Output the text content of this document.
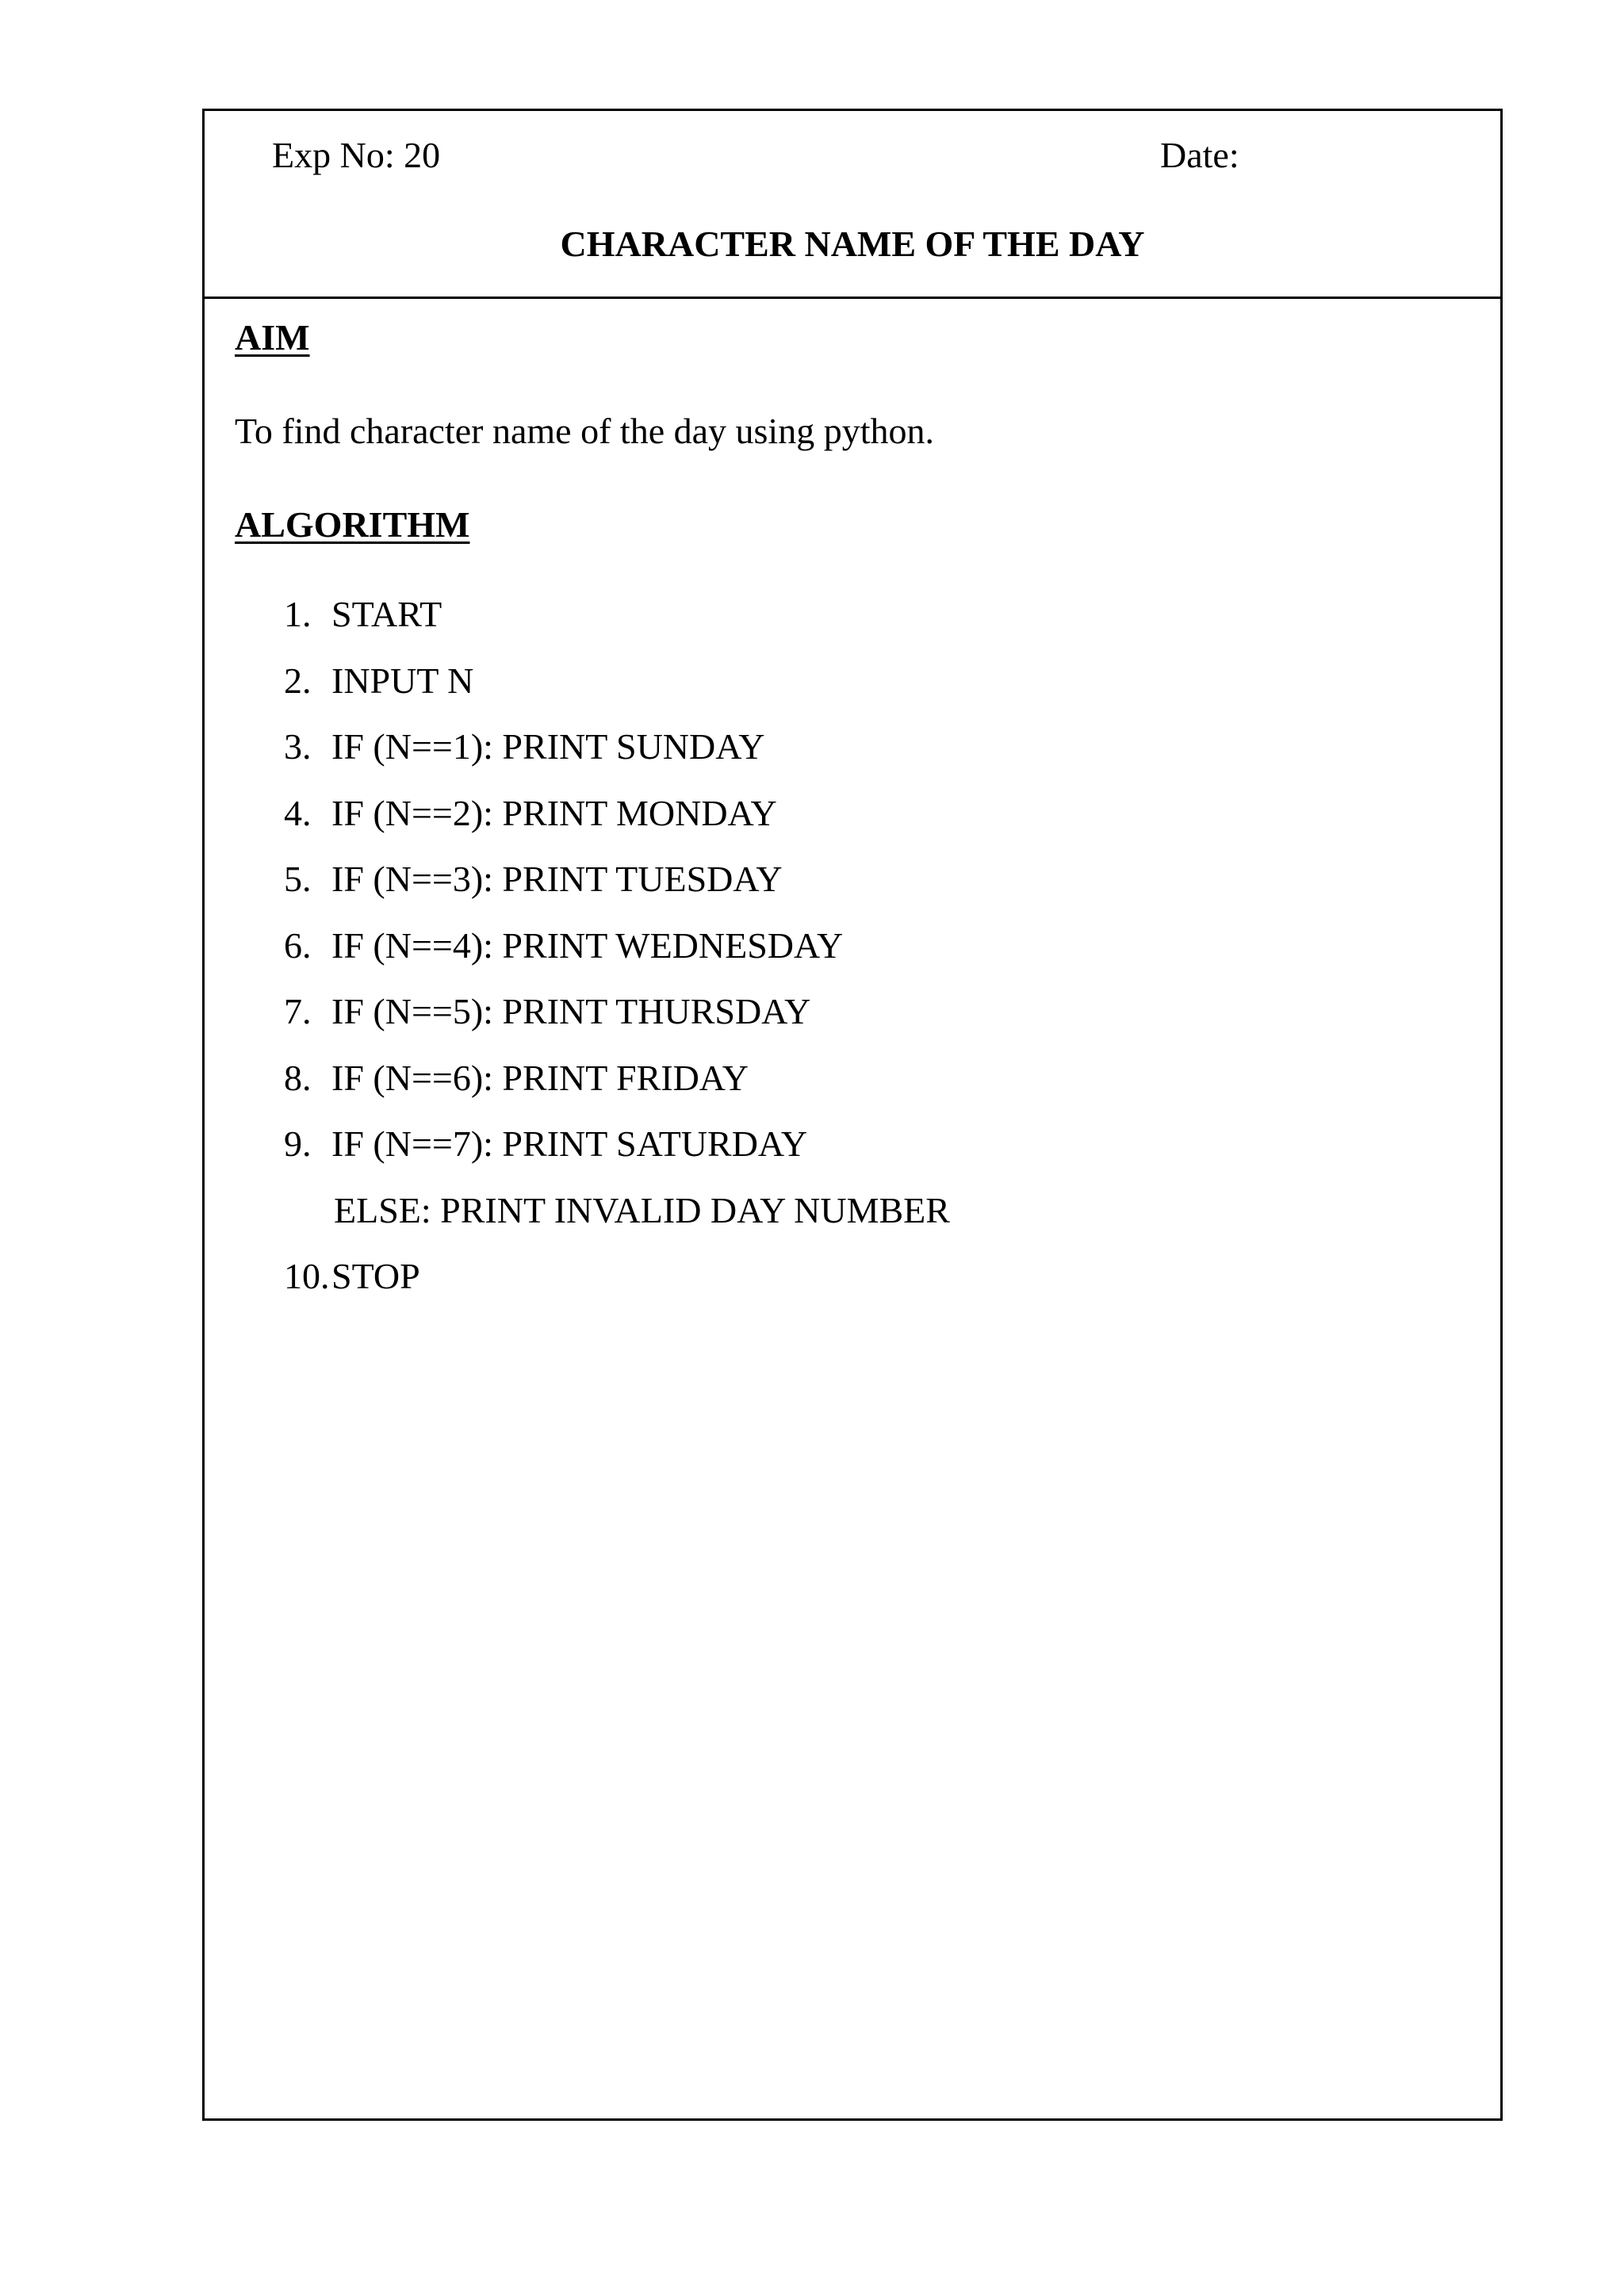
Exp No: 20	Date:
CHARACTER NAME OF THE DAY
AIM
To find character name of the day using python.
ALGORITHM
1. START
2. INPUT N
3. IF (N==1): PRINT SUNDAY
4. IF (N==2): PRINT MONDAY
5. IF (N==3): PRINT TUESDAY
6. IF (N==4): PRINT WEDNESDAY
7. IF (N==5): PRINT THURSDAY
8. IF (N==6): PRINT FRIDAY
9. IF (N==7): PRINT SATURDAY
ELSE: PRINT INVALID DAY NUMBER
10. STOP
